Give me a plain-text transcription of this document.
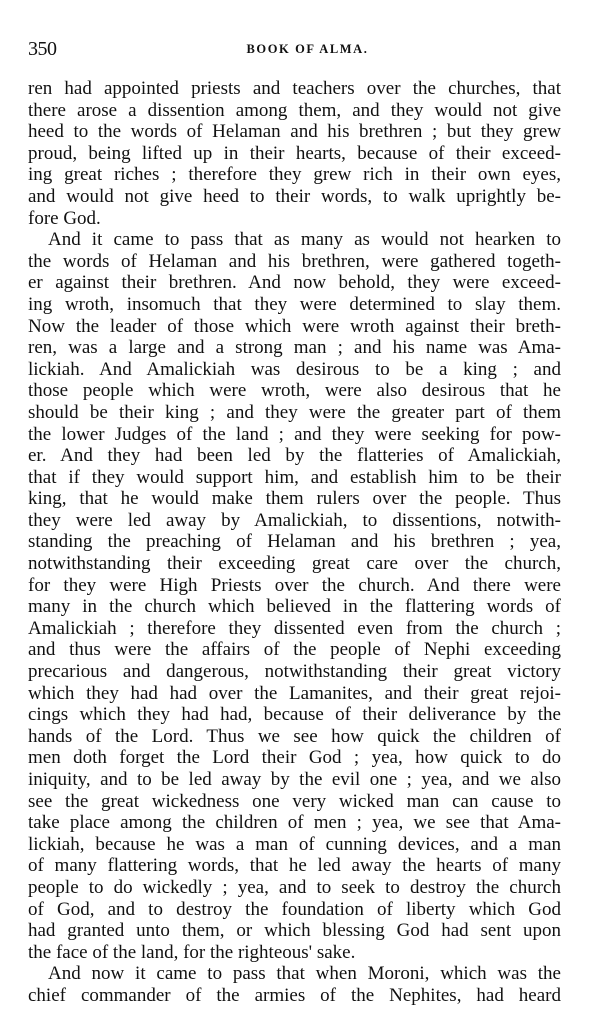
350	BOOK OF ALMA.
ren had appointed priests and teachers over the churches, that
there arose a dissention among them, and they would not give
heed to the words of Helaman and his brethren ; but they grew
proud, being lifted up in their hearts, because of their exceed-
ing great riches ; therefore they grew rich in their own eyes,
and would not give heed to their words, to walk uprightly be-
fore God.
And it came to pass that as many as would not hearken to
the words of Helaman and his brethren, were gathered togeth-
er against their brethren. And now behold, they were exceed-
ing wroth, insomuch that they were determined to slay them.
Now the leader of those which were wroth against their breth-
ren, was a large and a strong man ; and his name was Ama-
lickiah. And Amalickiah was desirous to be a king ; and
those people which were wroth, were also desirous that he
should be their king ; and they were the greater part of them
the lower Judges of the land ; and they were seeking for pow-
er. And they had been led by the flatteries of Amalickiah,
that if they would support him, and establish him to be their
king, that he would make them rulers over the people. Thus
they were led away by Amalickiah, to dissentions, notwith-
standing the preaching of Helaman and his brethren ; yea,
notwithstanding their exceeding great care over the church,
for they were High Priests over the church. And there were
many in the church which believed in the flattering words of
Amalickiah ; therefore they dissented even from the church ;
and thus were the affairs of the people of Nephi exceeding
precarious and dangerous, notwithstanding their great victory
which they had had over the Lamanites, and their great rejoi-
cings which they had had, because of their deliverance by the
hands of the Lord. Thus we see how quick the children of
men doth forget the Lord their God ; yea, how quick to do
iniquity, and to be led away by the evil one ; yea, and we also
see the great wickedness one very wicked man can cause to
take place among the children of men ; yea, we see that Ama-
lickiah, because he was a man of cunning devices, and a man
of many flattering words, that he led away the hearts of many
people to do wickedly ; yea, and to seek to destroy the church
of God, and to destroy the foundation of liberty which God
had granted unto them, or which blessing God had sent upon
the face of the land, for the righteous' sake.
And now it came to pass that when Moroni, which was the
chief commander of the armies of the Nephites, had heard
